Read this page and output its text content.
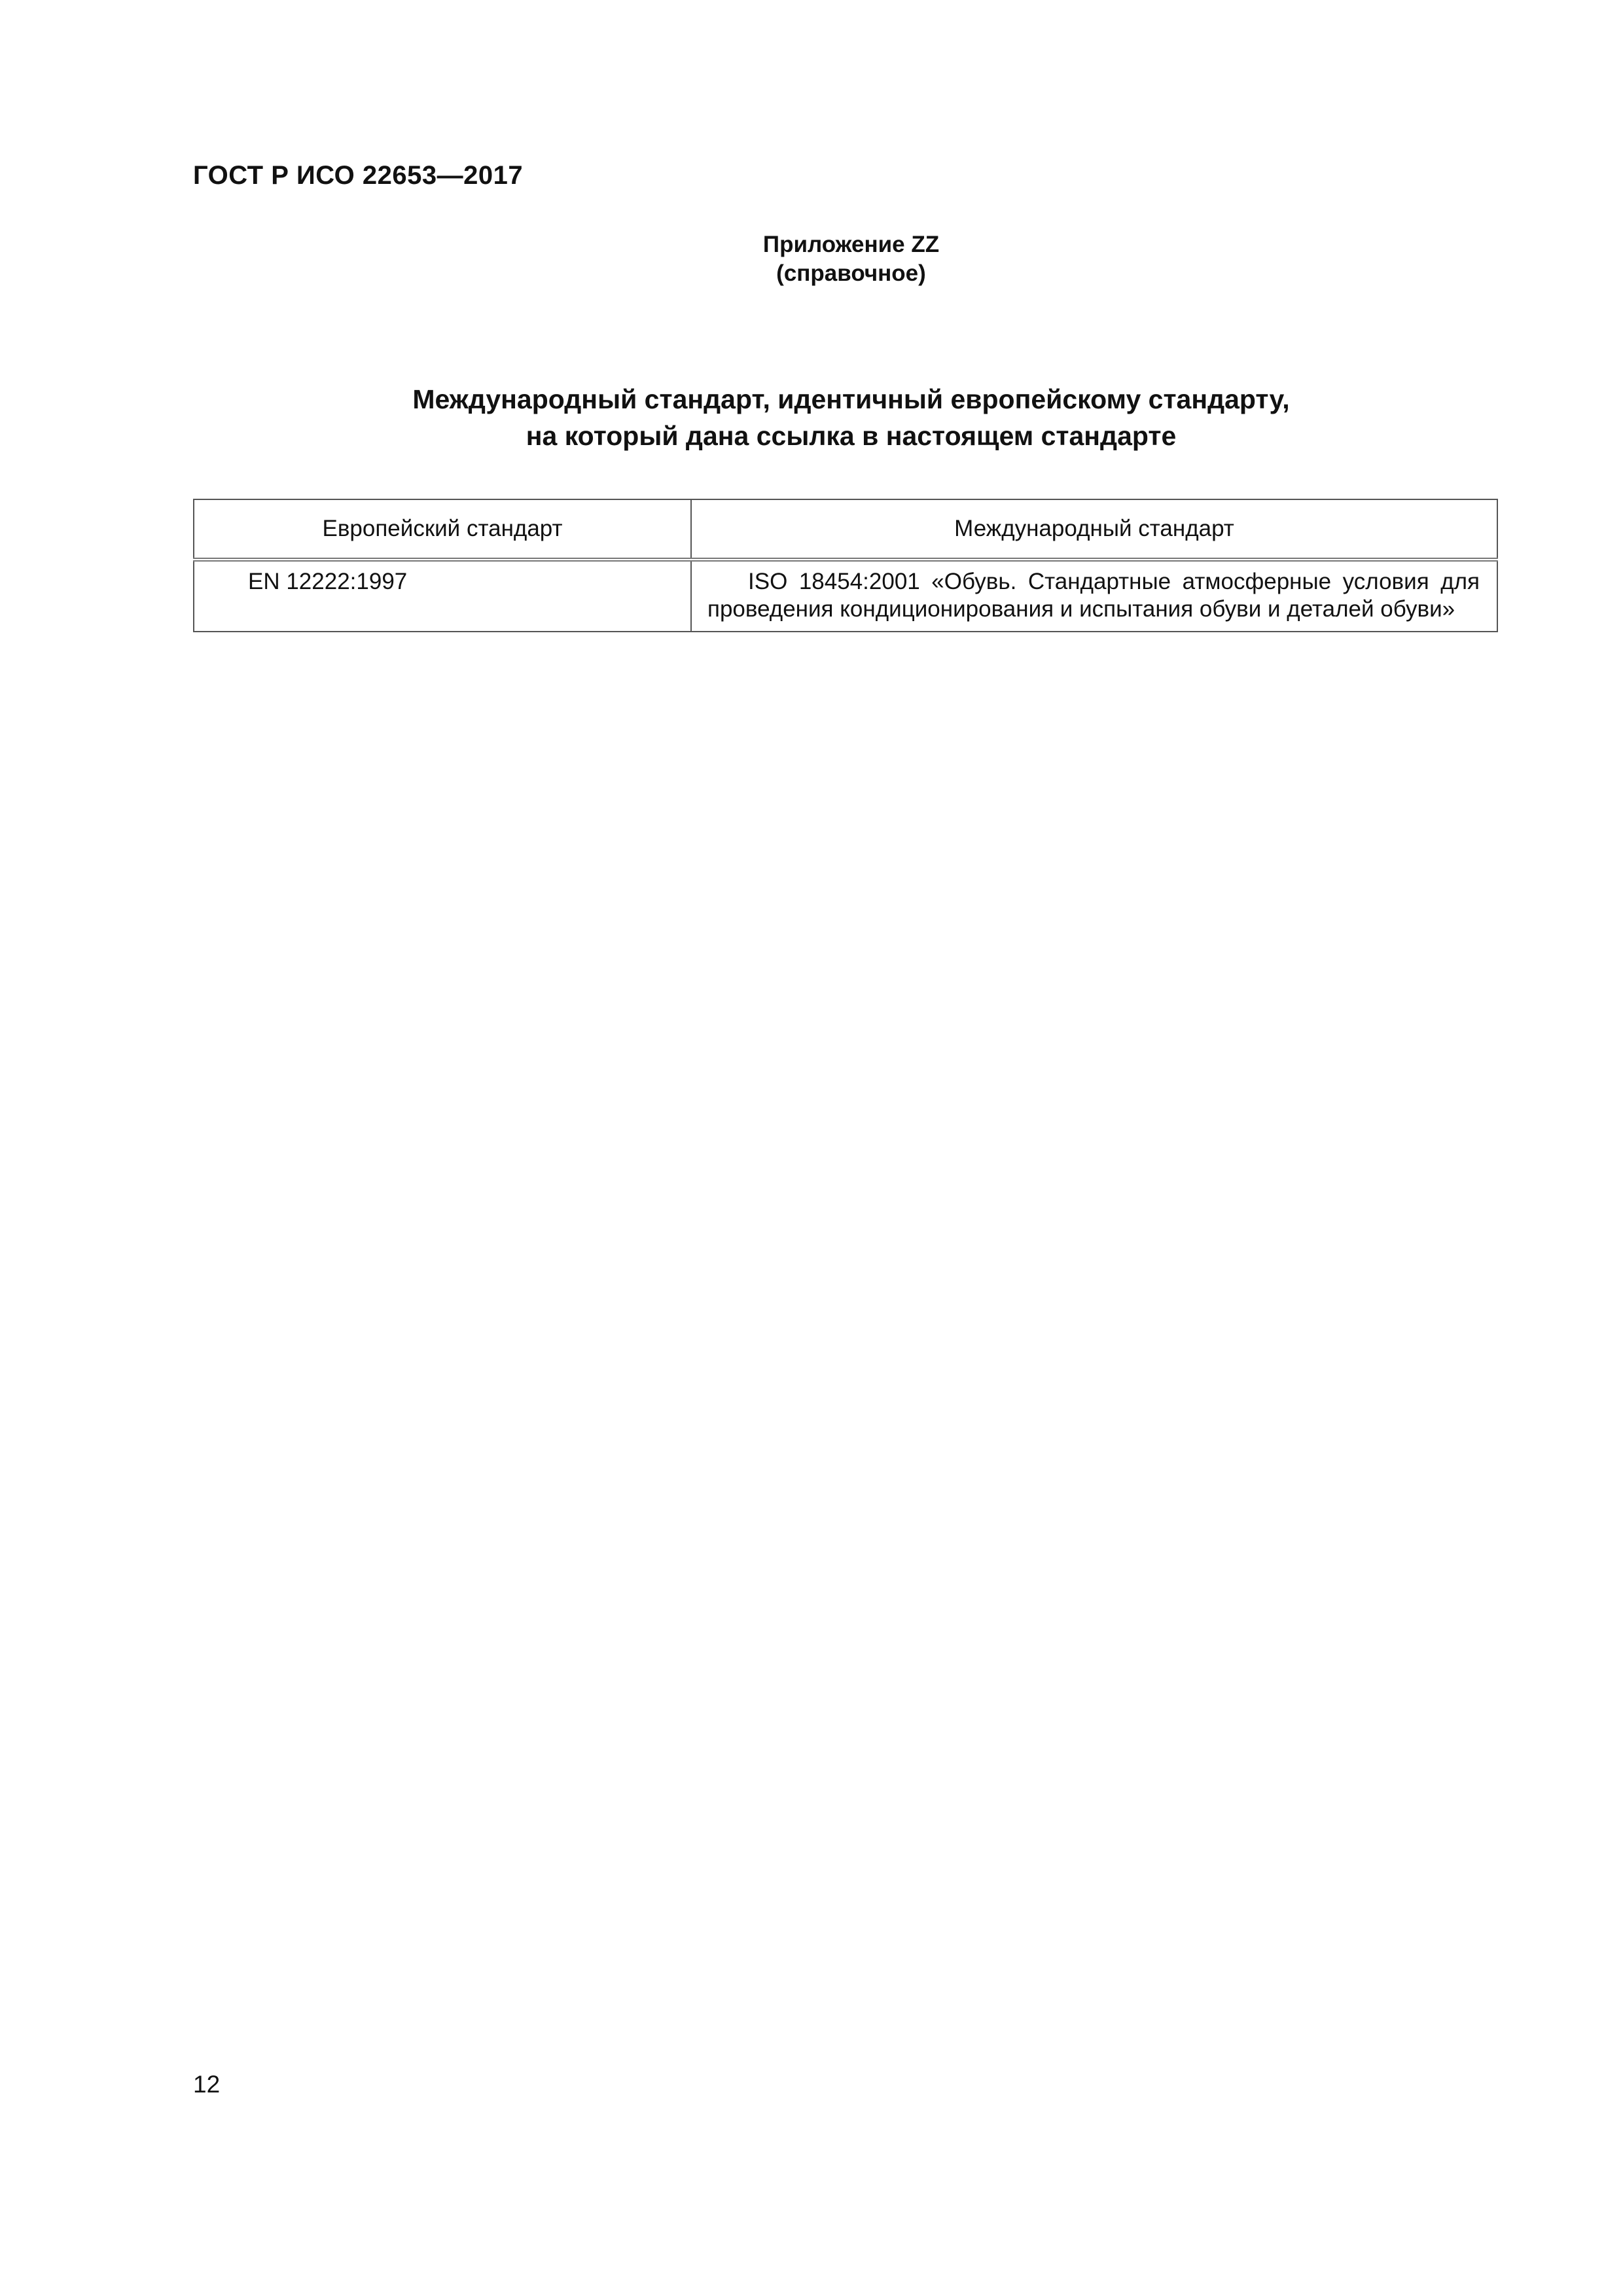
ГОСТ Р ИСО 22653—2017
Приложение ZZ
(справочное)
Международный стандарт, идентичный европейскому стандарту,
на который дана ссылка в настоящем стандарте
Европейский стандарт	Международный стандарт
EN 12222:1997	ISO 18454:2001 «Обувь. Стандартные атмосферные условия для проведения кондиционирования и испытания обуви и деталей обуви»
12
